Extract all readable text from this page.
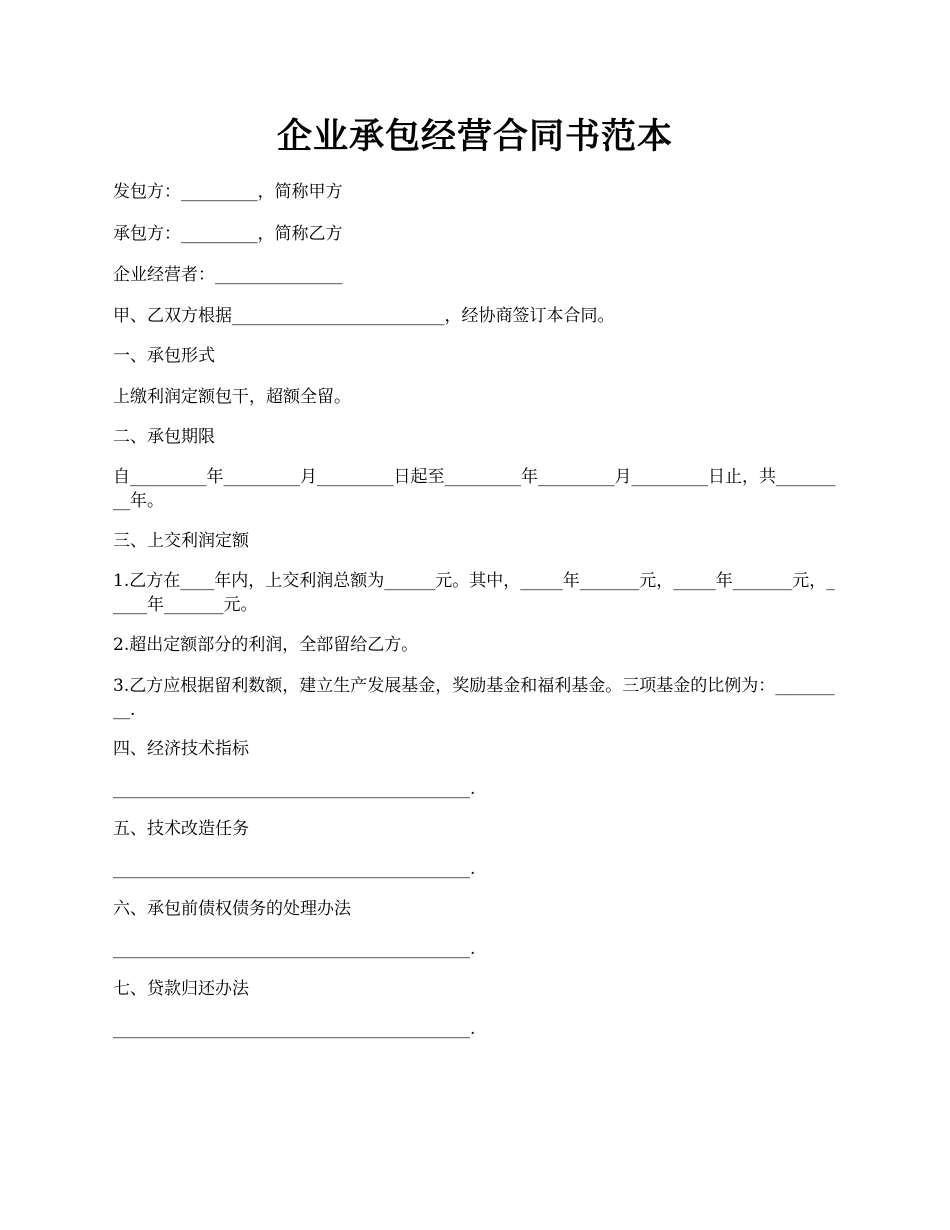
企业承包经营合同书范本
发包方：_________，简称甲方
承包方：_________，简称乙方
企业经营者：_______________
甲、乙双方根据_________________________，经协商签订本合同。
一、承包形式
上缴利润定额包干，超额全留。
二、承包期限
自_________年_________月_________日起至_________年_________月_________日止，共_________年。
三、上交利润定额
1.乙方在____年内，上交利润总额为______元。其中，_____年_______元，_____年_______元，_____年_______元。
2.超出定额部分的利润，全部留给乙方。
3.乙方应根据留利数额，建立生产发展基金，奖励基金和福利基金。三项基金的比例为：_________.
四、经济技术指标
__________________________________________.
五、技术改造任务
__________________________________________.
六、承包前债权债务的处理办法
__________________________________________.
七、贷款归还办法
__________________________________________.
